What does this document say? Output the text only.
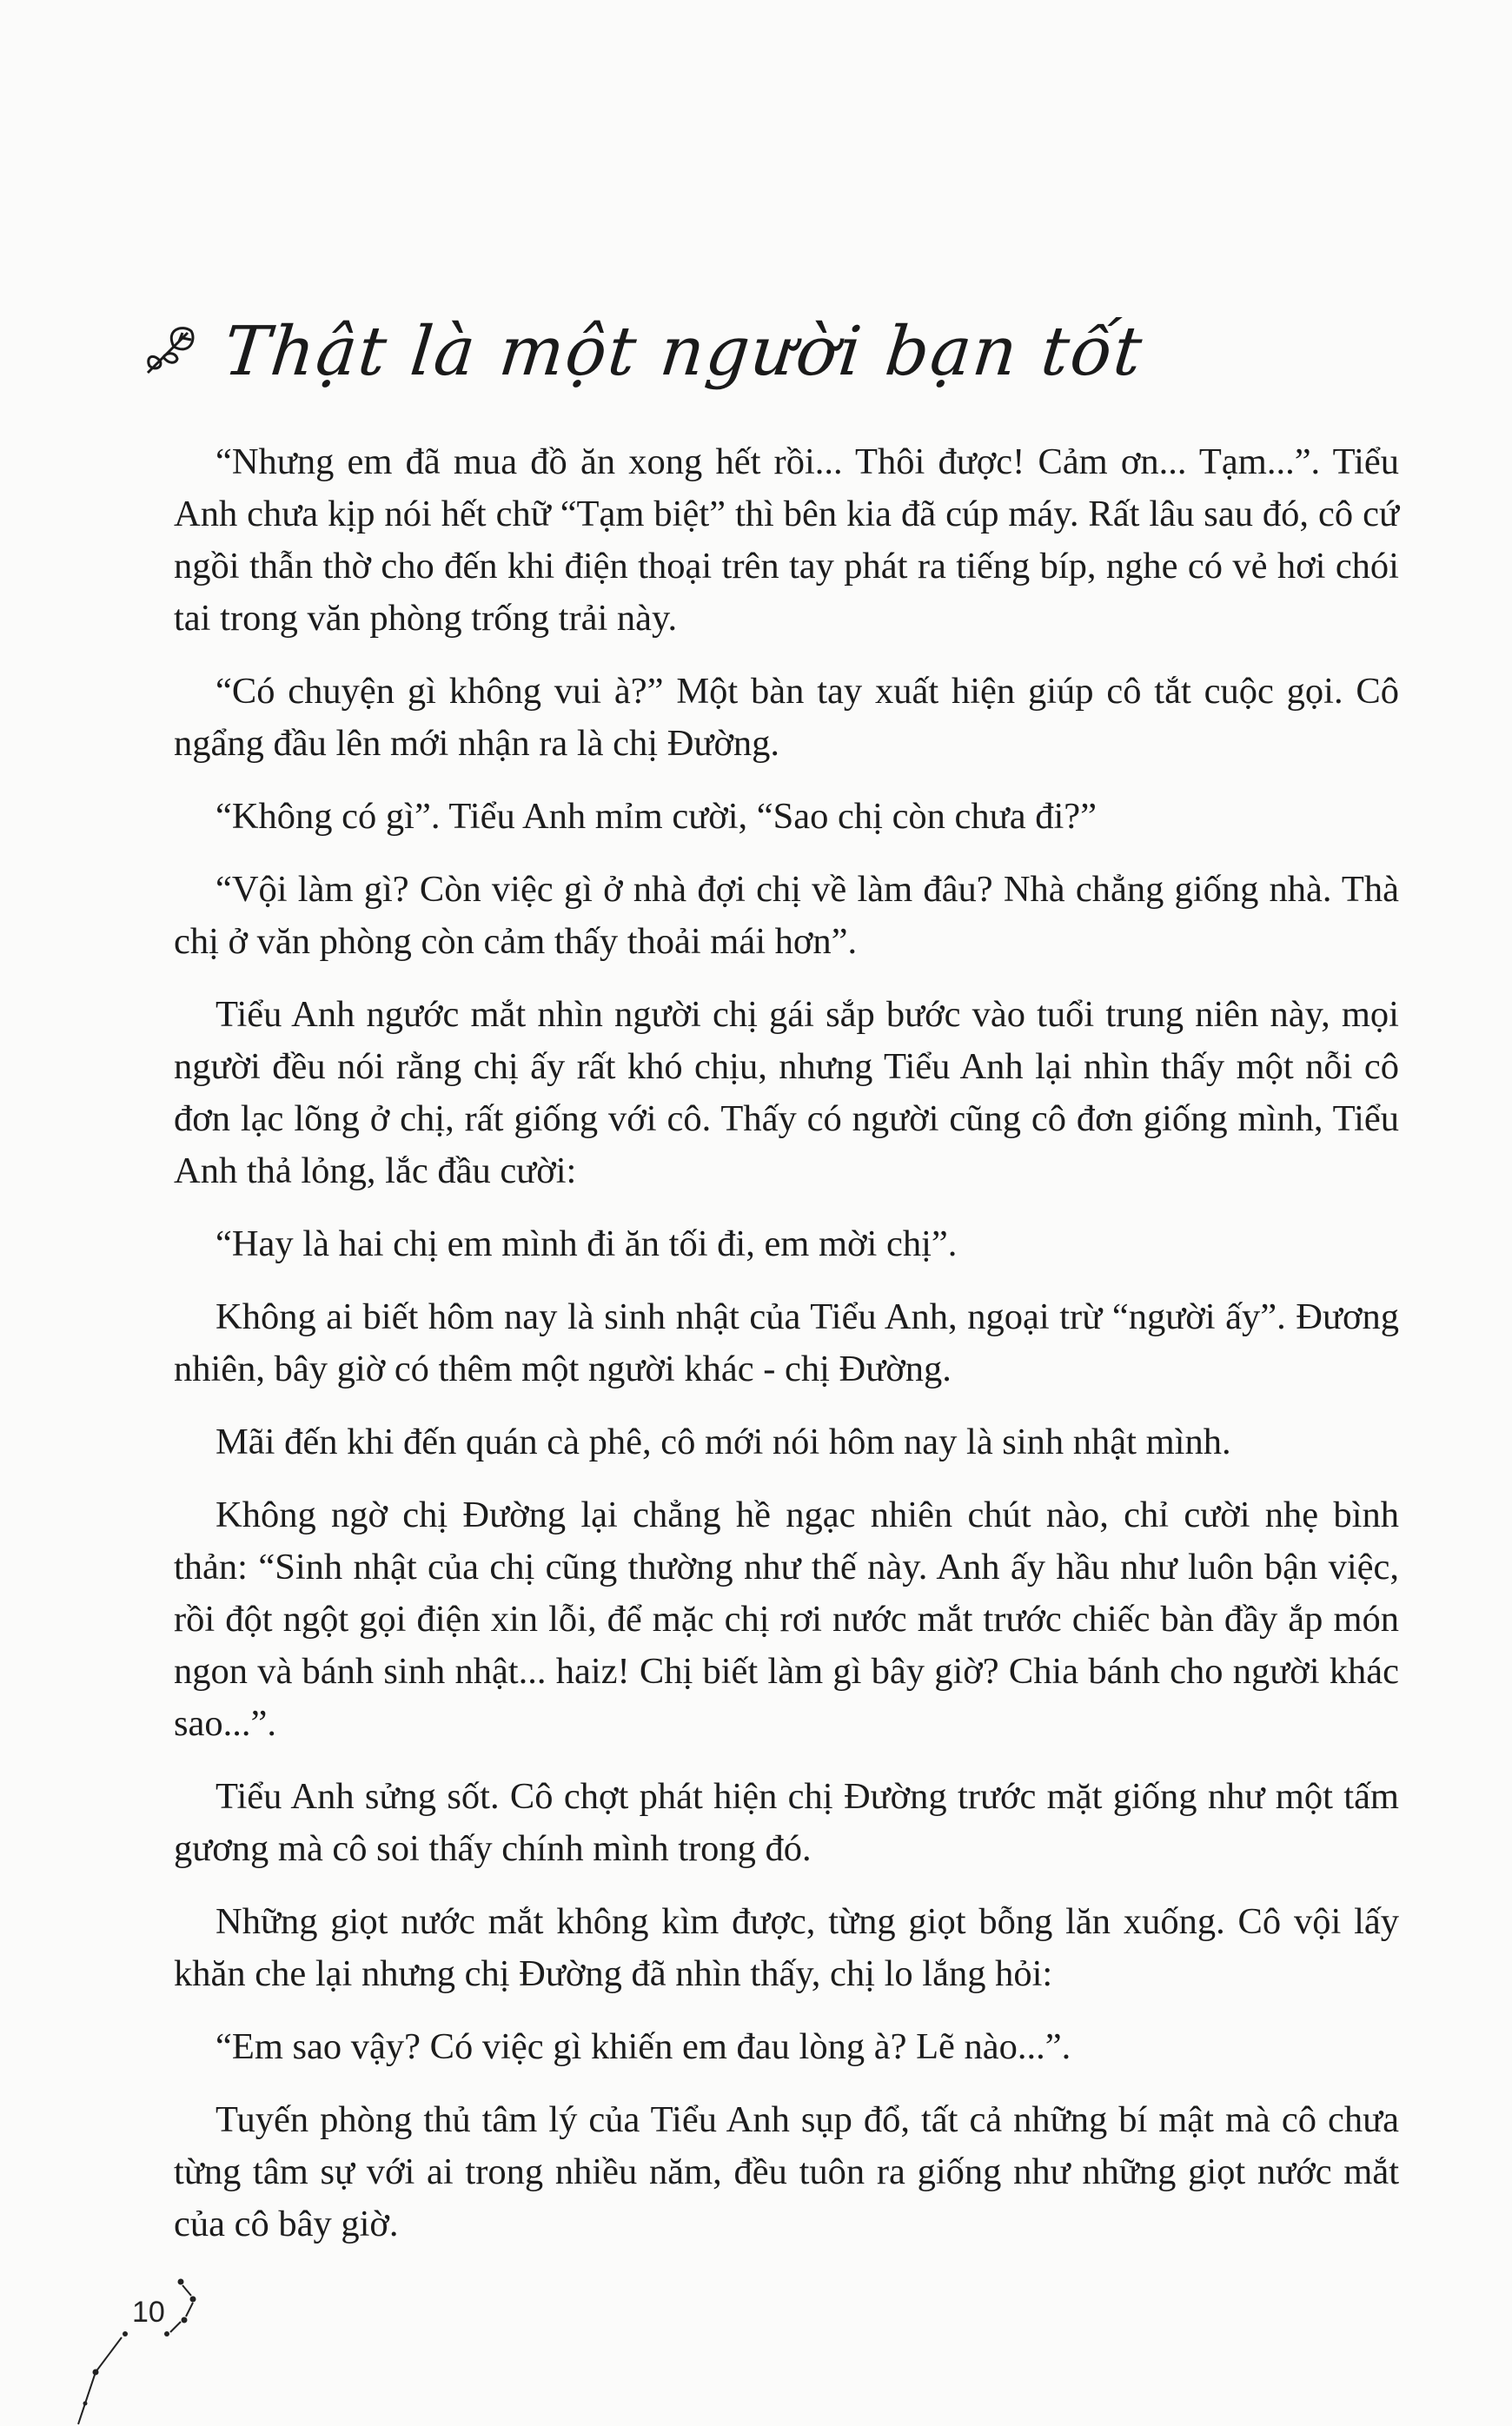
Thật là một người bạn tốt

“Nhưng em đã mua đồ ăn xong hết rồi... Thôi được! Cảm ơn... Tạm...”. Tiểu Anh chưa kịp nói hết chữ “Tạm biệt” thì bên kia đã cúp máy. Rất lâu sau đó, cô cứ ngồi thẫn thờ cho đến khi điện thoại trên tay phát ra tiếng bíp, nghe có vẻ hơi chói tai trong văn phòng trống trải này.

“Có chuyện gì không vui à?” Một bàn tay xuất hiện giúp cô tắt cuộc gọi. Cô ngẩng đầu lên mới nhận ra là chị Đường.

“Không có gì”. Tiểu Anh mỉm cười, “Sao chị còn chưa đi?”

“Vội làm gì? Còn việc gì ở nhà đợi chị về làm đâu? Nhà chẳng giống nhà. Thà chị ở văn phòng còn cảm thấy thoải mái hơn”.

Tiểu Anh ngước mắt nhìn người chị gái sắp bước vào tuổi trung niên này, mọi người đều nói rằng chị ấy rất khó chịu, nhưng Tiểu Anh lại nhìn thấy một nỗi cô đơn lạc lõng ở chị, rất giống với cô. Thấy có người cũng cô đơn giống mình, Tiểu Anh thả lỏng, lắc đầu cười:

“Hay là hai chị em mình đi ăn tối đi, em mời chị”.

Không ai biết hôm nay là sinh nhật của Tiểu Anh, ngoại trừ “người ấy”. Đương nhiên, bây giờ có thêm một người khác - chị Đường.

Mãi đến khi đến quán cà phê, cô mới nói hôm nay là sinh nhật mình.

Không ngờ chị Đường lại chẳng hề ngạc nhiên chút nào, chỉ cười nhẹ bình thản: “Sinh nhật của chị cũng thường như thế này. Anh ấy hầu như luôn bận việc, rồi đột ngột gọi điện xin lỗi, để mặc chị rơi nước mắt trước chiếc bàn đầy ắp món ngon và bánh sinh nhật... haiz! Chị biết làm gì bây giờ? Chia bánh cho người khác sao...”.

Tiểu Anh sửng sốt. Cô chợt phát hiện chị Đường trước mặt giống như một tấm gương mà cô soi thấy chính mình trong đó.

Những giọt nước mắt không kìm được, từng giọt bỗng lăn xuống. Cô vội lấy khăn che lại nhưng chị Đường đã nhìn thấy, chị lo lắng hỏi:

“Em sao vậy? Có việc gì khiến em đau lòng à? Lẽ nào...”.

Tuyến phòng thủ tâm lý của Tiểu Anh sụp đổ, tất cả những bí mật mà cô chưa từng tâm sự với ai trong nhiều năm, đều tuôn ra giống như những giọt nước mắt của cô bây giờ.

10
